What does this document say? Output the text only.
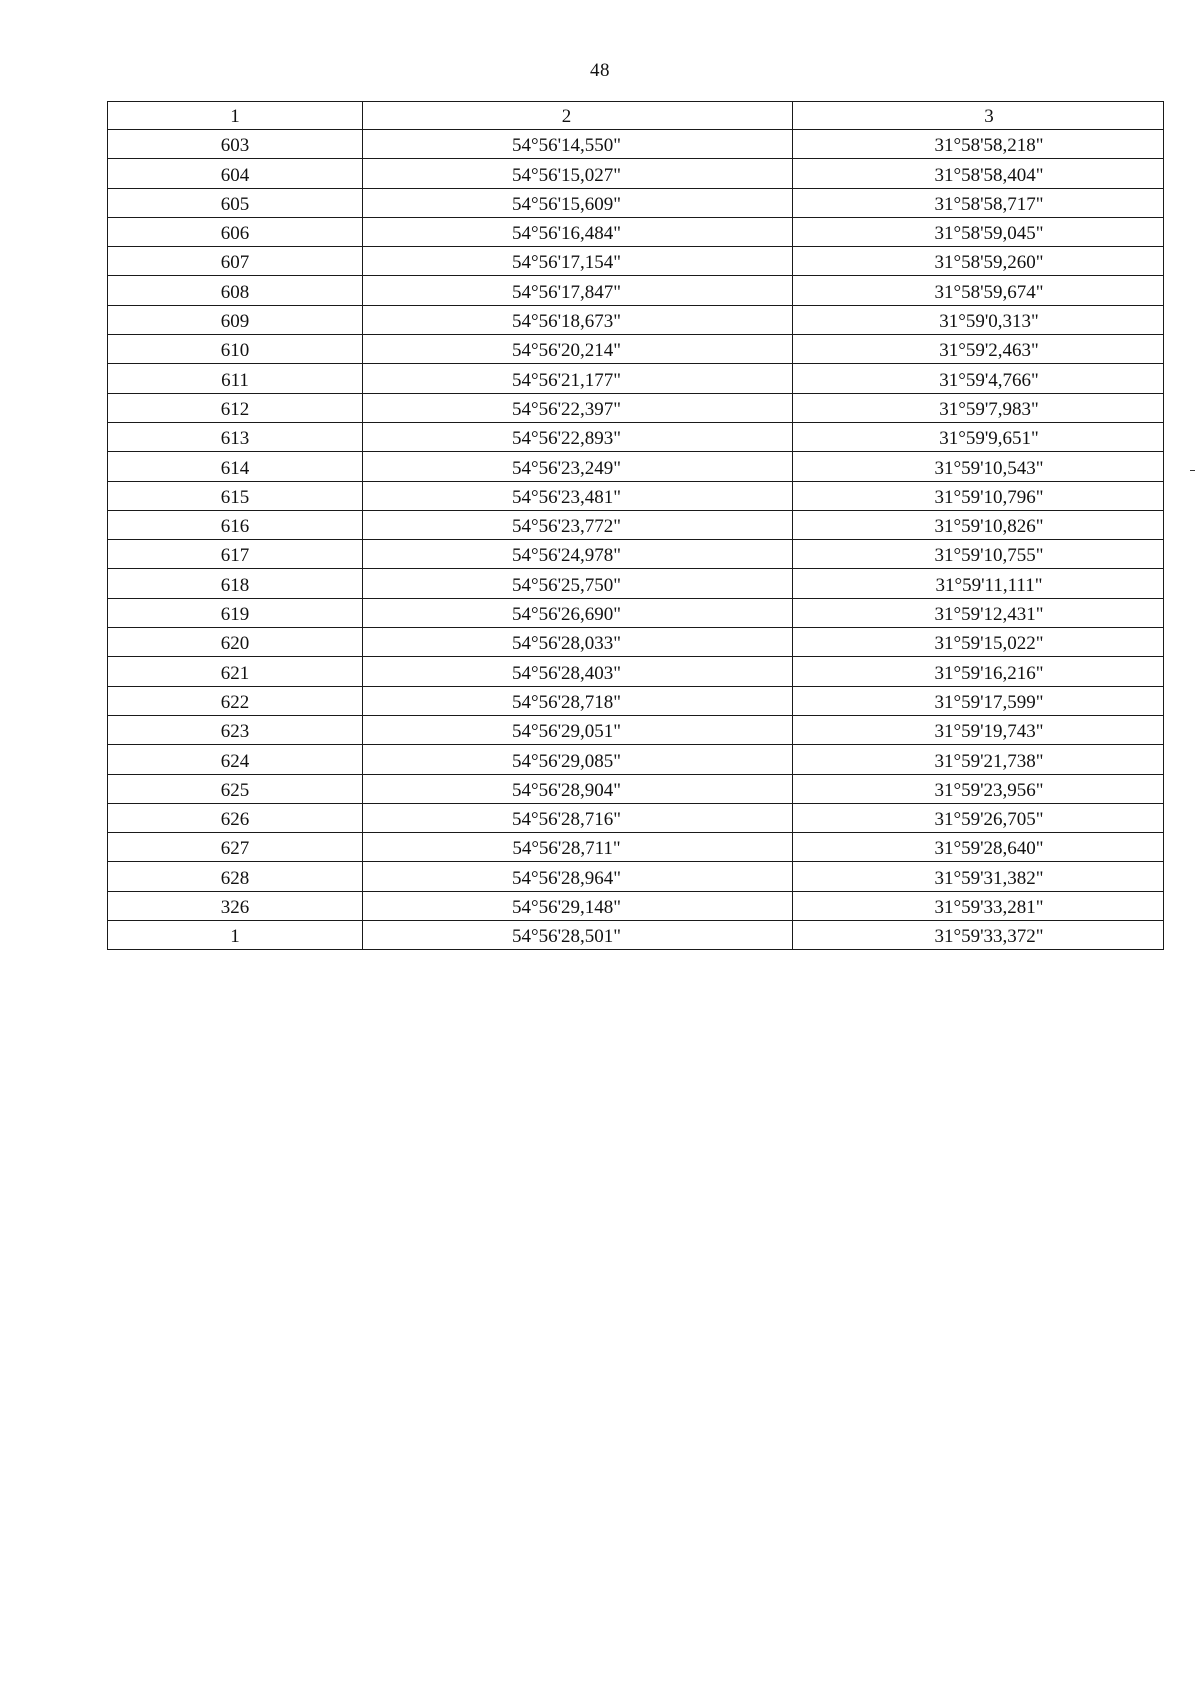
48
1	2	3
603	54°56'14,550"	31°58'58,218"
604	54°56'15,027"	31°58'58,404"
605	54°56'15,609"	31°58'58,717"
606	54°56'16,484"	31°58'59,045"
607	54°56'17,154"	31°58'59,260"
608	54°56'17,847"	31°58'59,674"
609	54°56'18,673"	31°59'0,313"
610	54°56'20,214"	31°59'2,463"
611	54°56'21,177"	31°59'4,766"
612	54°56'22,397"	31°59'7,983"
613	54°56'22,893"	31°59'9,651"
614	54°56'23,249"	31°59'10,543"
615	54°56'23,481"	31°59'10,796"
616	54°56'23,772"	31°59'10,826"
617	54°56'24,978"	31°59'10,755"
618	54°56'25,750"	31°59'11,111"
619	54°56'26,690"	31°59'12,431"
620	54°56'28,033"	31°59'15,022"
621	54°56'28,403"	31°59'16,216"
622	54°56'28,718"	31°59'17,599"
623	54°56'29,051"	31°59'19,743"
624	54°56'29,085"	31°59'21,738"
625	54°56'28,904"	31°59'23,956"
626	54°56'28,716"	31°59'26,705"
627	54°56'28,711"	31°59'28,640"
628	54°56'28,964"	31°59'31,382"
326	54°56'29,148"	31°59'33,281"
1	54°56'28,501"	31°59'33,372"
